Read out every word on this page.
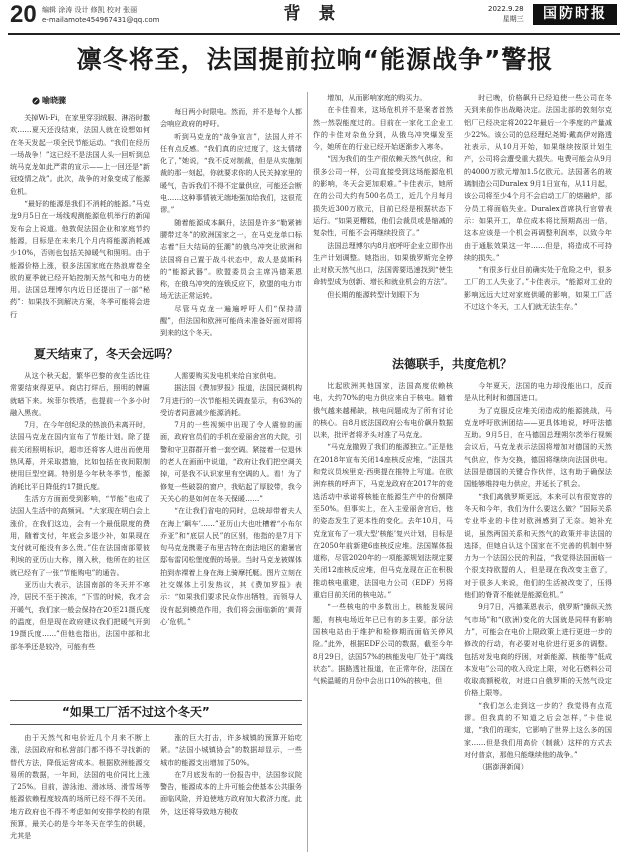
20 编辑 涂涛 设计 修凯 校对 张丽
e-mailamote454967431@qq.com	背 景	2022.9.28
星期三	国防时报
凛冬将至，法国提前拉响“能源战争”警报
喻晓骤

关掉Wi-Fi，在家里穿羽绒服、淋浴时撒欢……夏天还没结束，法国人就在设想如何在冬天发起一项全民节能运动。“我们在经历一场战争！”这已经不是法国人头一回听到总统马克龙如此严肃的宣示——上一回还是“新冠疫情之战”。此次，战争的对象变成了能源危机。

“最好的能源是我们不消耗的能源。”马克龙9月5日在一场线观测能源危机举行的新闻发布会上说道。他敦促法国企业和家庭节约能源，目标是在未来几个月内将能源消耗减少10%，否则也包括关掉暖气和照明。由于能源价格上涨，很多法国家庭在热浪席卷全欧的夏季就已经开始控制天然气和电力的使用。法国总理博尔内近日还提出了一部“秘药”：如果找不到解决方案，冬季可能将会进行

每日两小时限电。然而，并不是每个人都会响应政府的呼吁。

听到马克龙的“战争宣言”，法国人并不任有点反感。“我们真的应过度了，这太情绪化了，”她说，“我不反对制裁，但是从实施制裁的那一刻起，你就要求你的人民关掉家里的暖气，告诉我们不得不定量供应，可能还会断电……这种事情被无端地强加给我们，这很荒谬。”

随着能源成本飙升，法国是许多“勒紧裤腰带过冬”的欧洲国家之一，在马克龙单口标志着“巨大结局的狂潮”的俄乌冲突让欧洲和法国将自己置于战斗状态中，敌人是莫斯科的“能源武器”。欧盟委员会主席冯德莱恩称，在俄乌冲突的连锁反应下，欧盟的电力市场无法正常运转。

尽管马克龙一遍遍呼吁人们“保持清醒”，但法国和欧洲可能尚未准备好面对即将到来的这个冬天。

增加，从而影响家庭的购买力。

在卡佳看来，这场危机并不是案者首然然一然裂能度过的。目前在一家化工企业工作的卡佳对杂鱼分到，从俄乌冲突爆发至今，她所在的行业已经开始逐渐步入寒冬。

“因为我们的生产很依赖天然气供应，和很多公司一样，公司直接受到这场能源危机的影响，冬天会更加艰难。”卡佳表示，她所在的公司大约有500名员工，近几个月每月损失近300万欧元，目前已经是根据状态下运行。“如果更糟糕，他们会裁员或是缩减的复杂性，可能不会再继续投资了。”

法国总理博尔内8月底呼吁企业立即作出生产计划调整。她指出，如果俄罗斯完全停止对欧天然气出口，法国需要迅速找到“使生命转型成为创新、增长和就业机会的方法”。

但长期的能源转型计划眼下为

时已晚，价格飙升已经迫使一些公司在冬天到来前作出战略决定。法国北部的敦刻尔克铝厂已经决定将2022年最后一个季度的产量减少22%。该公司的总经理纪尧姆·戴高伊对路透社表示，从10月开始，如果继续按原计划生产，公司将会遭受重大损失。电费可能会从9月的4000万欧元增加1.5亿欧元。法国著名的玻璃制造公司Duralex 9月1日宣布，从11月起，该公司将至少4个月不会启动工厂的熔融炉，部分员工将面临失业。Duralex首席执行官曾表示：如果开工，单位成本将比预期高出一倍，这本应该是一个机会再调整利润率，以致今年由于通胀效果这一年……但是，将造成不可持续的损失。”

“有很多行业目前确实处于危险之中，很多工厂的工人失业了。”卡佳表示，“能源对工业的影响远远大过对家庭供暖的影响，如果工厂活不过这个冬天，工人们就无法生存。”

夏天结束了，冬天会远吗？
法德联手，共度危机？

从这个秋天起，繁华巴黎的夜生活比往常要结束得更早。商店打烊后，照明的牌匾就暗下来。埃菲尔铁塔，也提前一个多小时融入黑夜。

7月，在今年创纪录的热浪仍未离开时，法国马克龙在国内宣布了节能计划。除了提前关闭照明标识，超市还将客人进出而使用热风幕，并采取措施，比如包括在夜间限制使用巨型空调。特别是今年秋冬季节，能源消耗比平日降低约17摄氏度。

生活方方面面受到影响，“节能”也成了法国人生活中的高频词。“大家现在明白会上涨价，在我们这边，会有一个最低限度的费用，随着支付，年底会多退少补，如果现在支付就可能没有多么贵。”住在法国南部蒙彼利埃的亚历山大称，刚入秋，他所在的社区就已经有了一张“节能购电”的通告。

亚历山大表示，法国南部的冬天并不寒冷，居民不至于挨冻，“下雪的时候，我才会开暖气，我们家一般会保持在20至21摄氏度的温度，但是现在政府建议我们把暖气开到19摄氏度……”但他也指出，法国中部和北部冬季还是较冷，可能有些

人需要购买发电机来给自家供电。

据法国《费加罗报》报道，法国民调机构7月进行的一次节能相关调查显示，有63%的受访者同意减少能源消耗。

7月的一些视频中出现了令人震惊的画面，政府官员们的手机在爱丽舍宫的大院，引警和守卫群群开着一套空调。紧接着一位退休的老人在画面中说道，“政府让我们把空调关掉，可是我不认识家里有空调的人。看！为了修复一些破裂的窗户，我贴起了厚胶带，我今天关心的是如何在冬天保暖……”

“在让我们省电的同时，总统却带着夫人在海上‘飙车’……”亚历山大也吐槽着“小布尔乔亚”和“底层人民”的区别，他指的是7月下旬马克龙携妻子布里吉特在南法地区的避暑官邸布雷冈松堡度假的场景。当时马克龙被媒体拍到赤裸着上身在海上骑摩托艇。图片立刻在社交媒体上引发热议，其《费加罗报》表示：“如果我们要求民众作出牺牲，而领导人没有起到模范作用，我们将会面临新的‘黄背心’危机。”

比起欧洲其他国家，法国高度依赖核电，大约70%的电力供应来自于核电。随着俄气越来越稀缺，核电问题成为了所有讨论的核心。自8月底法国政府公布电价飙升数据以来，批评者将矛头对准了马克龙。

“马克龙撤毁了我们的能源独立。”正是他在2018年宣布关闭14座核反应堆，“法国共和党议员埃里克·西奥提在推特上写道。在欧洲弃核的呼声下，马克龙政府在2017年的竞选活动中承诺将核能在能源生产中的份额降至50%。但事实上，在入主爱丽舍宫后，他的姿态发生了更本性的变化。去年10月，马克龙宣布了一项大型‘核能’复兴计划，目标是在2050年前新建6座核反应堆。法国媒体报道称，尽管2020年的一项能源规划法规定要关闭12座核反应堆，但马克龙现在正在积极推动核电重建，法国电力公司（EDF）另将重启目前关闭的核电站。”

“一些核电的中多数出上，核能发展问题，有核电场近年已已有的多主要，部分法国核电站由于维护和检修期而面临关停风险。”此外，根据EDF公司的数据，截至今年8月29日，法国57%的核能发电厂处于“离线状态”。据路透社报道，在正常年份，法国在气候温暖的月份中会出口10%的核电，但

今年夏天，法国的电力却没能出口，反而是从比利时和德国进口。

为了克服反应堆关闭造成的能源挑战，马克龙呼吁欧洲团结——更具体地说，呼吁法德互助。9月5日，在马德国总理朔尔茨举行视频会议后，马克龙表示法国将增加对德国的天然气供应，作为交换，德国将继续向法国供电。法国是德国的关键合作伙伴，这有助于确保法国能够维持电力供应，并延长了机会。

“我们离俄罗斯更远，本来可以有很宽容的冬天和今年，我们为什么要这么做？”国际关系专业毕业的卡佳对欧洲感到了无奈。她补充说，虽然两国关系和天然气的政策并非法国的选择，但她自认这个国家在不完善的机制中努力为一个法国公民的利益，“我觉得法国面临一个很支持欧盟的人，但是现在我改变主意了，对于很多人来说，他们的生活被改变了，压得他们的脊背不能就是能源危机。”

9月7日，冯德莱恩表示，俄罗斯“操纵天然气市场”和“(欧洲)变化的大国就是同样有影响力”，可能会在电价上限政策上进行更进一步的修改的行动，有必要对电价进行更多的调整。包括对发电商的纾困，对新能源、核能等“低成本发电”公司的收入设定上限，对化石燃料公司收取高额税收，对进口自俄罗斯的天然气设定价格上限等。

“我们怎么走到这一步的？我觉得有点荒谬。但我真的不知道之后会怎样，”卡佳说道，“我们的现实，它影响了世界上这么多的国家……但是我们用高价（制裁）这样的方式去对付普京，那他只能继续他的战争。”

（据澎湃新闻）

“如果工厂活不过这个冬天”

由于天然气和电价近几个月来不断上涨，法国政府和私营部门都不得不寻找新的替代方法，降低运营成本。根据欧洲能源交易所的数据，一年间，法国的电价同比上涨了25%。目前，游泳池、滑冰场、滑雪场等能源依赖程度较高的场所已经不得不关闭。地方政府也不得不考虑如何安排学校的有限预算，最关心的是今年冬天在学生的供暖，尤其是

涨的巨大打击，许多城镇的预算开始吃紧。“法国小城镇协会”的数据却显示，一些城市的能源支出增加了50%。

在7月底发布的一份报告中，法国参议院警告，能源成本的上升可能会使基本公共服务面临风险，并迫使地方政府加大救济力度。此外，这还将导致地方税收
